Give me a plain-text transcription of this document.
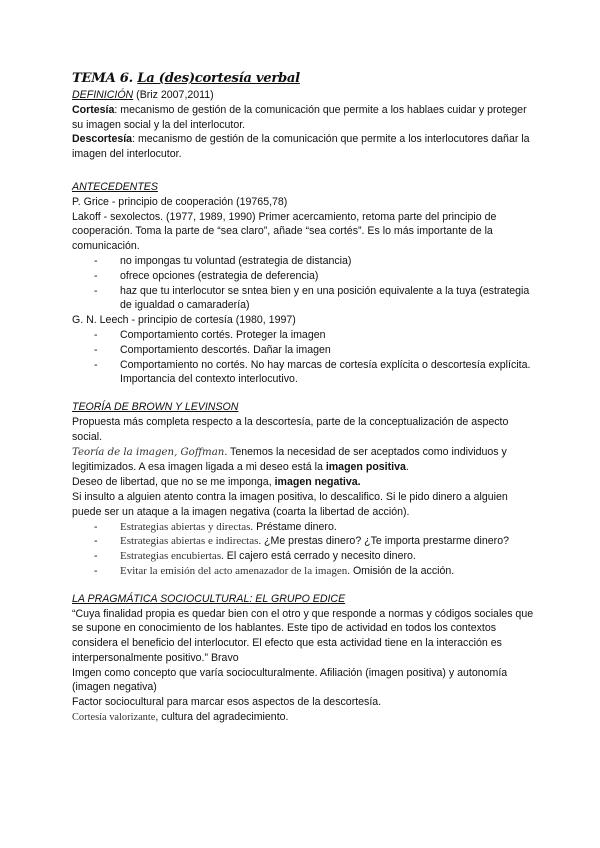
TEMA 6. La (des)cortesía verbal
DEFINICIÓN (Briz 2007,2011)
Cortesía: mecanismo de gestión de la comunicación que permite a los hablaes cuidar y proteger su imagen social y la del interlocutor.
Descortesía: mecanismo de gestión de la comunicación que permite a los interlocutores dañar la imagen del interlocutor.
ANTECEDENTES
P. Grice - principio de cooperación (19765,78)
Lakoff - sexolectos. (1977, 1989, 1990) Primer acercamiento, retoma parte del principio de cooperación. Toma la parte de “sea claro”, añade “sea cortés”. Es lo más importante de la comunicación.
- no impongas tu voluntad (estrategia de distancia)
- ofrece opciones (estrategia de deferencia)
- haz que tu interlocutor se sntea bien y en una posición equivalente a la tuya (estrategia de igualdad o camaradería)
G. N. Leech - principio de cortesía (1980, 1997)
- Comportamiento cortés. Proteger la imagen
- Comportamiento descortés. Dañar la imagen
- Comportamiento no cortés. No hay marcas de cortesía explícita o descortesía explícita. Importancia del contexto interlocutivo.
TEORÍA DE BROWN Y LEVINSON
Propuesta más completa respecto a la descortesía, parte de la conceptualización de aspecto social.
Teoría de la imagen, Goffman. Tenemos la necesidad de ser aceptados como individuos y legitimizados. A esa imagen ligada a mi deseo está la imagen positiva.
Deseo de libertad, que no se me imponga, imagen negativa.
Si insulto a alguien atento contra la imagen positiva, lo descalifico. Si le pido dinero a alguien puede ser un ataque a la imagen negativa (coarta la libertad de acción).
- Estrategias abiertas y directas. Préstame dinero.
- Estrategias abiertas e indirectas. ¿Me prestas dinero? ¿Te importa prestarme dinero?
- Estrategias encubiertas. El cajero está cerrado y necesito dinero.
- Evitar la emisión del acto amenazador de la imagen. Omisión de la acción.
LA PRAGMÁTICA SOCIOCULTURAL: EL GRUPO EDICE
“Cuya finalidad propia es quedar bien con el otro y que responde a normas y códigos sociales que se supone en conocimiento de los hablantes. Este tipo de actividad en todos los contextos considera el beneficio del interlocutor. El efecto que esta actividad tiene en la interacción es interpersonalmente positivo.” Bravo
Imgen como concepto que varía socioculturalmente. Afiliación (imagen positiva) y autonomía (imagen negativa)
Factor sociocultural para marcar esos aspectos de la descortesía.
Cortesía valorizante, cultura del agradecimiento.
